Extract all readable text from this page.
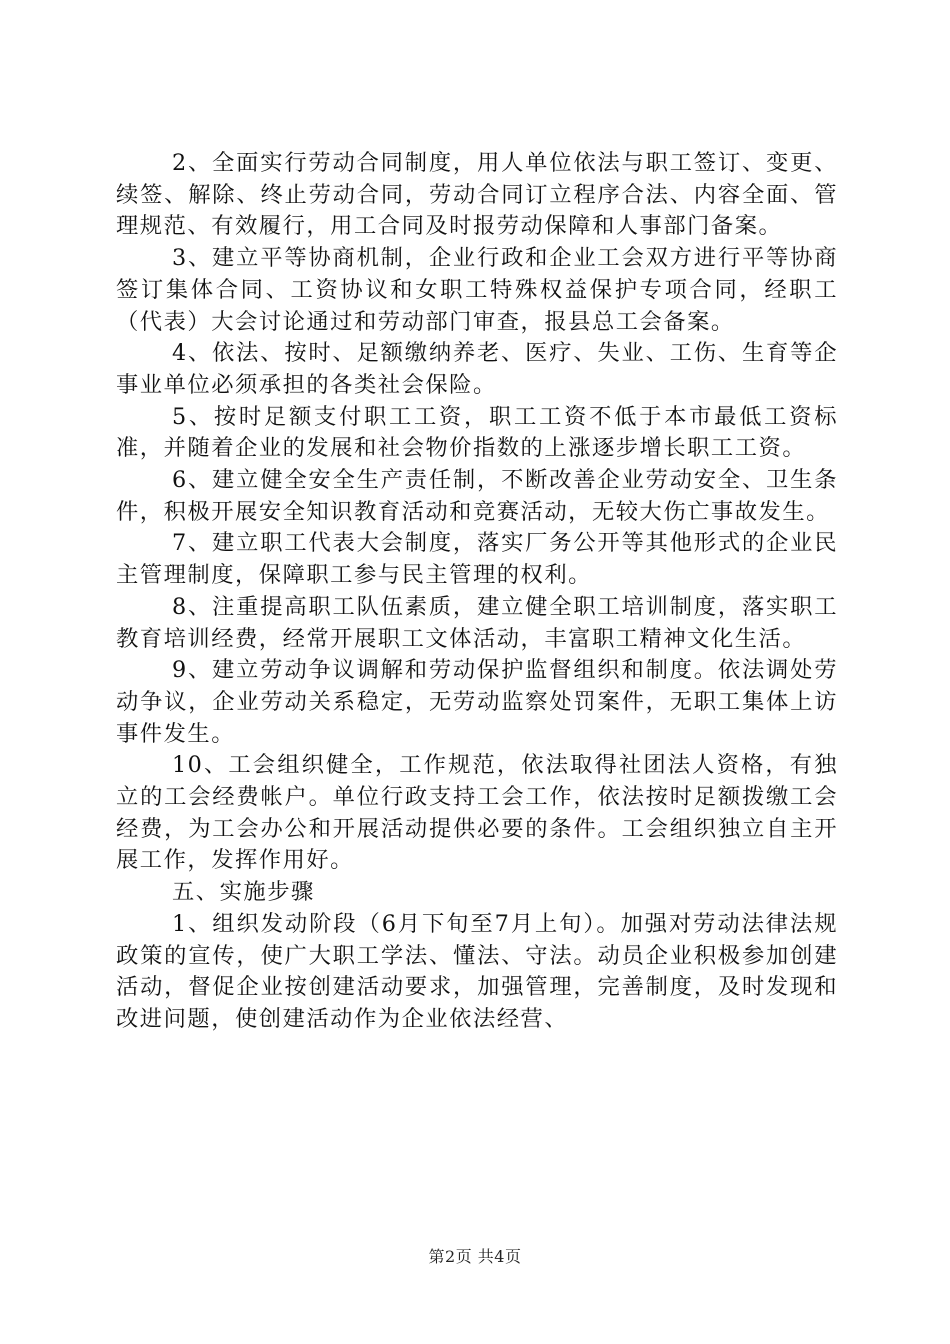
2、全面实行劳动合同制度，用人单位依法与职工签订、变更、续签、解除、终止劳动合同，劳动合同订立程序合法、内容全面、管理规范、有效履行，用工合同及时报劳动保障和人事部门备案。

3、建立平等协商机制，企业行政和企业工会双方进行平等协商签订集体合同、工资协议和女职工特殊权益保护专项合同，经职工（代表）大会讨论通过和劳动部门审查，报县总工会备案。

4、依法、按时、足额缴纳养老、医疗、失业、工伤、生育等企事业单位必须承担的各类社会保险。

5、按时足额支付职工工资，职工工资不低于本市最低工资标准，并随着企业的发展和社会物价指数的上涨逐步增长职工工资。

6、建立健全安全生产责任制，不断改善企业劳动安全、卫生条件，积极开展安全知识教育活动和竞赛活动，无较大伤亡事故发生。

7、建立职工代表大会制度，落实厂务公开等其他形式的企业民主管理制度，保障职工参与民主管理的权利。

8、注重提高职工队伍素质，建立健全职工培训制度，落实职工教育培训经费，经常开展职工文体活动，丰富职工精神文化生活。

9、建立劳动争议调解和劳动保护监督组织和制度。依法调处劳动争议，企业劳动关系稳定，无劳动监察处罚案件，无职工集体上访事件发生。

10、工会组织健全，工作规范，依法取得社团法人资格，有独立的工会经费帐户。单位行政支持工会工作，依法按时足额拨缴工会经费，为工会办公和开展活动提供必要的条件。工会组织独立自主开展工作，发挥作用好。

五、实施步骤

1、组织发动阶段（6月下旬至7月上旬）。加强对劳动法律法规政策的宣传，使广大职工学法、懂法、守法。动员企业积极参加创建活动，督促企业按创建活动要求，加强管理，完善制度，及时发现和改进问题，使创建活动作为企业依法经营、

第2页 共4页
